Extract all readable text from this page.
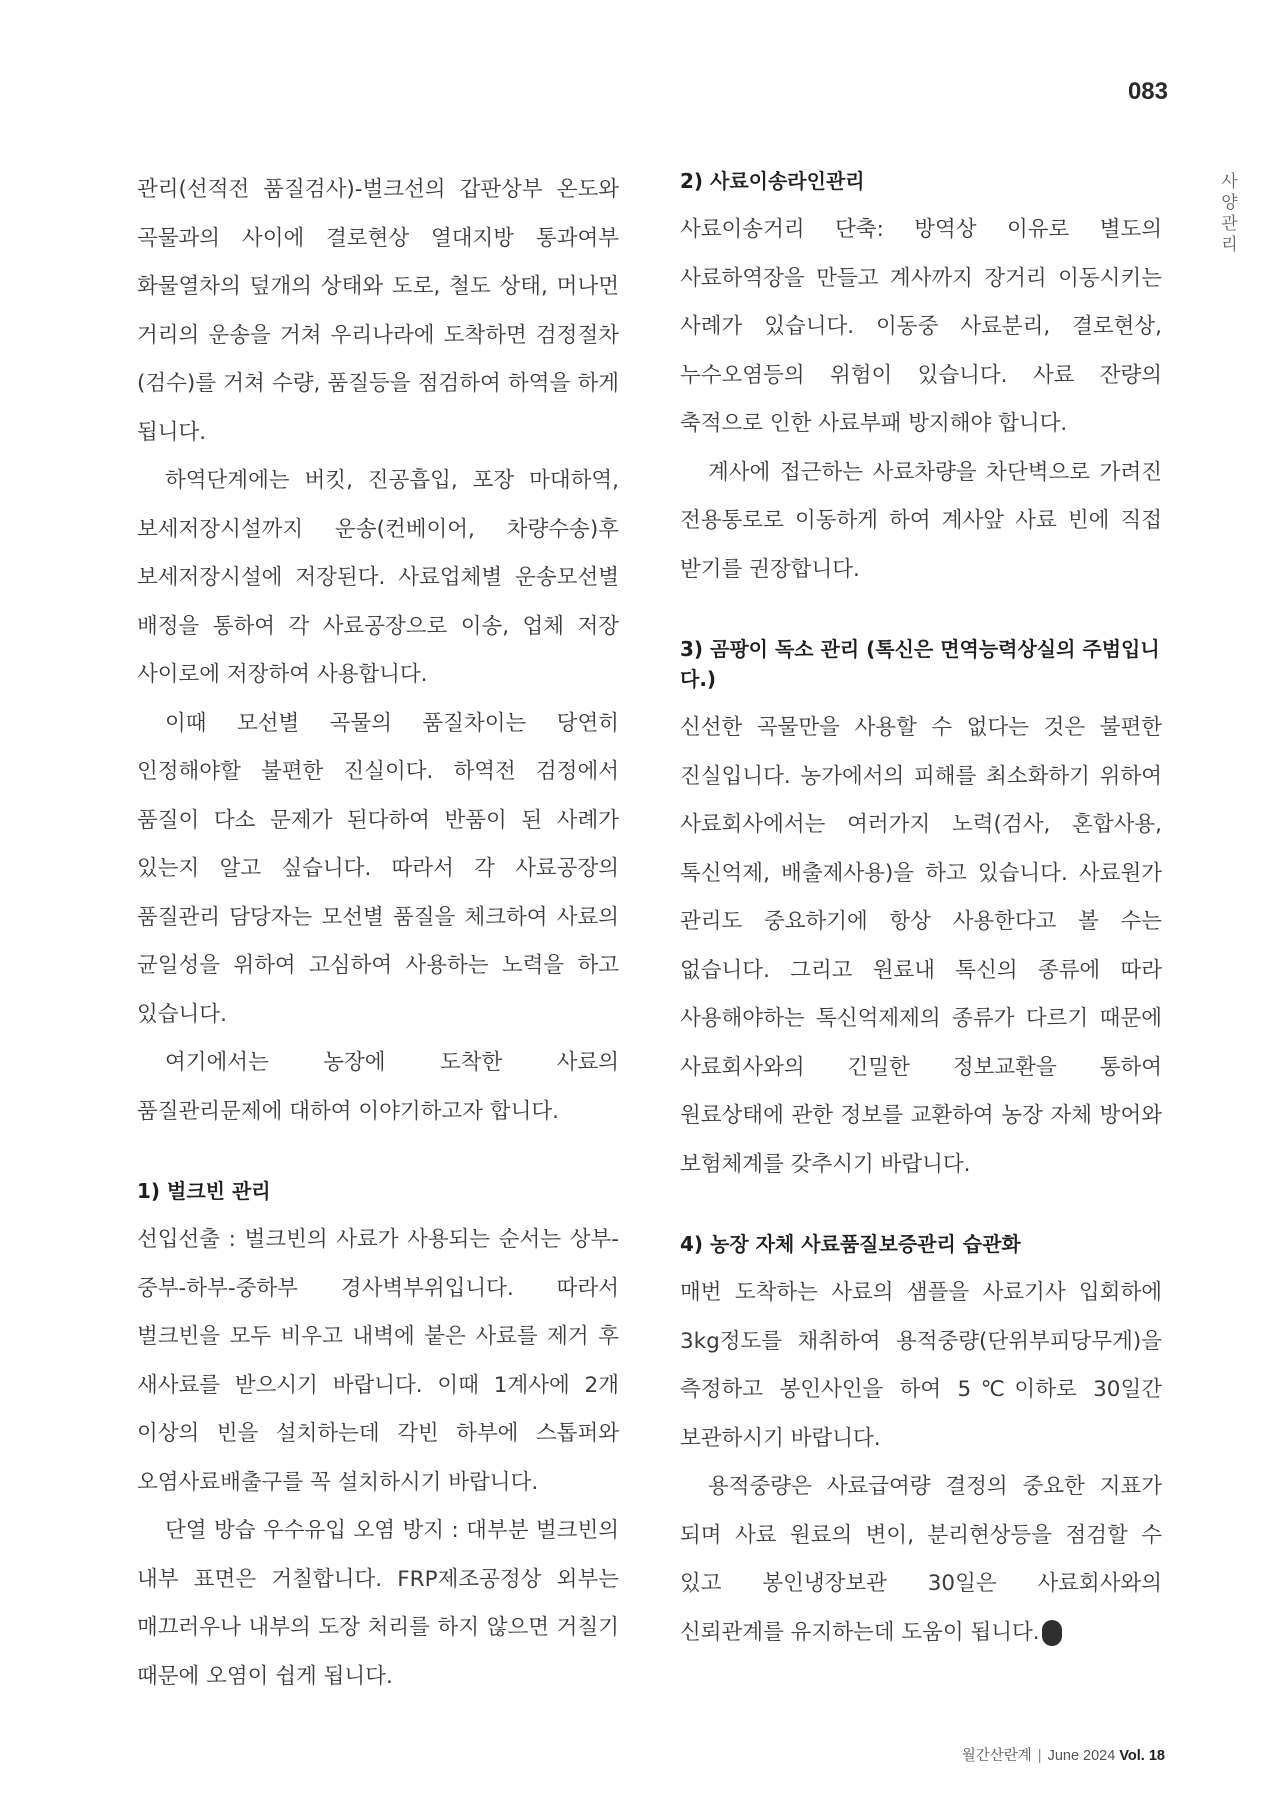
083
사양관리

관리(선적전 품질검사)-벌크선의 갑판상부 온도와 곡물과의 사이에 결로현상 열대지방 통과여부 화물열차의 덮개의 상태와 도로, 철도 상태, 머나먼 거리의 운송을 거쳐 우리나라에 도착하면 검정절차(검수)를 거쳐 수량, 품질등을 점검하여 하역을 하게 됩니다.

하역단계에는 버킷, 진공흡입, 포장 마대하역, 보세저장시설까지 운송(컨베이어, 차량수송)후 보세저장시설에 저장된다. 사료업체별 운송모선별 배정을 통하여 각 사료공장으로 이송, 업체 저장 사이로에 저장하여 사용합니다.

이때 모선별 곡물의 품질차이는 당연히 인정해야할 불편한 진실이다. 하역전 검정에서 품질이 다소 문제가 된다하여 반품이 된 사례가 있는지 알고 싶습니다. 따라서 각 사료공장의 품질관리 담당자는 모선별 품질을 체크하여 사료의 균일성을 위하여 고심하여 사용하는 노력을 하고 있습니다.

여기에서는 농장에 도착한 사료의 품질관리문제에 대하여 이야기하고자 합니다.

1) 벌크빈 관리

선입선출 : 벌크빈의 사료가 사용되는 순서는 상부-중부-하부-중하부 경사벽부위입니다. 따라서 벌크빈을 모두 비우고 내벽에 붙은 사료를 제거 후 새사료를 받으시기 바랍니다. 이때 1계사에 2개 이상의 빈을 설치하는데 각빈 하부에 스톱퍼와 오염사료배출구를 꼭 설치하시기 바랍니다.

단열 방습 우수유입 오염 방지 : 대부분 벌크빈의 내부 표면은 거칠합니다. FRP제조공정상 외부는 매끄러우나 내부의 도장 처리를 하지 않으면 거칠기 때문에 오염이 쉽게 됩니다.

2) 사료이송라인관리

사료이송거리 단축: 방역상 이유로 별도의 사료하역장을 만들고 계사까지 장거리 이동시키는 사례가 있습니다. 이동중 사료분리, 결로현상, 누수오염등의 위험이 있습니다. 사료 잔량의 축적으로 인한 사료부패 방지해야 합니다.

계사에 접근하는 사료차량을 차단벽으로 가려진 전용통로로 이동하게 하여 계사앞 사료 빈에 직접 받기를 권장합니다.

3) 곰팡이 독소 관리 (톡신은 면역능력상실의 주범입니다.)

신선한 곡물만을 사용할 수 없다는 것은 불편한 진실입니다. 농가에서의 피해를 최소화하기 위하여 사료회사에서는 여러가지 노력(검사, 혼합사용, 톡신억제, 배출제사용)을 하고 있습니다. 사료원가 관리도 중요하기에 항상 사용한다고 볼 수는 없습니다. 그리고 원료내 톡신의 종류에 따라 사용해야하는 톡신억제제의 종류가 다르기 때문에 사료회사와의 긴밀한 정보교환을 통하여 원료상태에 관한 정보를 교환하여 농장 자체 방어와 보험체계를 갖추시기 바랍니다.

4) 농장 자체 사료품질보증관리 습관화

매번 도착하는 사료의 샘플을 사료기사 입회하에 3kg정도를 채취하여 용적중량(단위부피당무게)을 측정하고 봉인사인을 하여 5℃이하로 30일간 보관하시기 바랍니다.

용적중량은 사료급여량 결정의 중요한 지표가 되며 사료 원료의 변이, 분리현상등을 점검할 수 있고 봉인냉장보관 30일은 사료회사와의 신뢰관계를 유지하는데 도움이 됩니다.

월간산란계 | June 2024 Vol. 18
